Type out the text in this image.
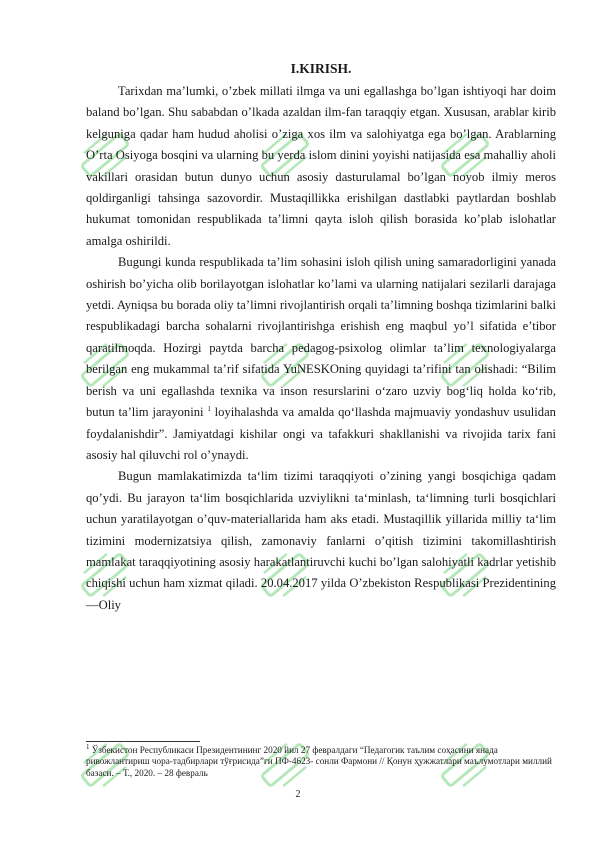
I.KIRISH.

Tarixdan ma’lumki, o’zbek millati ilmga va uni egallashga bo’lgan ishtiyoqi har doim baland bo’lgan. Shu sababdan o’lkada azaldan ilm-fan taraqqiy etgan. Xususan, arablar kirib kelguniga qadar ham hudud aholisi o’ziga xos ilm va salohiyatga ega bo’lgan. Arablarning O’rta Osiyoga bosqini va ularning bu yerda islom dinini yoyishi natijasida esa mahalliy aholi vakillari orasidan butun dunyo uchun asosiy dasturulamal bo’lgan noyob ilmiy meros qoldirganligi tahsinga sazovordir. Mustaqillikka erishilgan dastlabki paytlardan boshlab hukumat tomonidan respublikada ta’limni qayta isloh qilish borasida ko’plab islohatlar amalga oshirildi.

Bugungi kunda respublikada ta’lim sohasini isloh qilish uning samaradorligini yanada oshirish bo’yicha olib borilayotgan islohatlar ko’lami va ularning natijalari sezilarli darajaga yetdi. Ayniqsa bu borada oliy ta’limni rivojlantirish orqali ta’limning boshqa tizimlarini balki respublikadagi barcha sohalarni rivojlantirishga erishish eng maqbul yo’l sifatida e’tibor qaratilmoqda. Hozirgi paytda barcha pedagog-psixolog olimlar ta’lim texnologiyalarga berilgan eng mukammal ta’rif sifatida YuNESKOning quyidagi ta’rifini tan olishadi: “Bilim berish va uni egallashda texnika va inson resurslarini o‘zaro uzviy bog‘liq holda ko‘rib, butun ta’lim jarayonini $^1$ loyihalashda va amalda qo‘llashda majmuaviy yondashuv usulidan foydalanishdir”. Jamiyatdagi kishilar ongi va tafakkuri shakllanishi va rivojida tarix fani asosiy hal qiluvchi rol o’ynaydi.

Bugun mamlakatimizda ta‘lim tizimi taraqqiyoti o’zining yangi bosqichiga qadam qo’ydi. Bu jarayon ta‘lim bosqichlarida uzviylikni ta‘minlash, ta‘limning turli bosqichlari uchun yaratilayotgan o’quv-materiallarida ham aks etadi. Mustaqillik yillarida milliy ta‘lim tizimini modernizatsiya qilish, zamonaviy fanlarni o’qitish tizimini takomillashtirish mamlakat taraqqiyotining asosiy harakatlantiruvchi kuchi bo’lgan salohiyatli kadrlar yetishib chiqishi uchun ham xizmat qiladi. 20.04.2017 yilda O’zbekiston Respublikasi Prezidentining ―Oliy

$^1$ Ўзбекистон Республикаси Президентининг 2020 йил 27 февралдаги “Педагогик таълим соҳасини янада ривожлантириш чора-тадбирлари тўғрисида”ги ПФ-4623- сонли Фармони // Қонун ҳужжатлари маълумотлари миллий базаси. – Т., 2020. – 28 февраль

2
